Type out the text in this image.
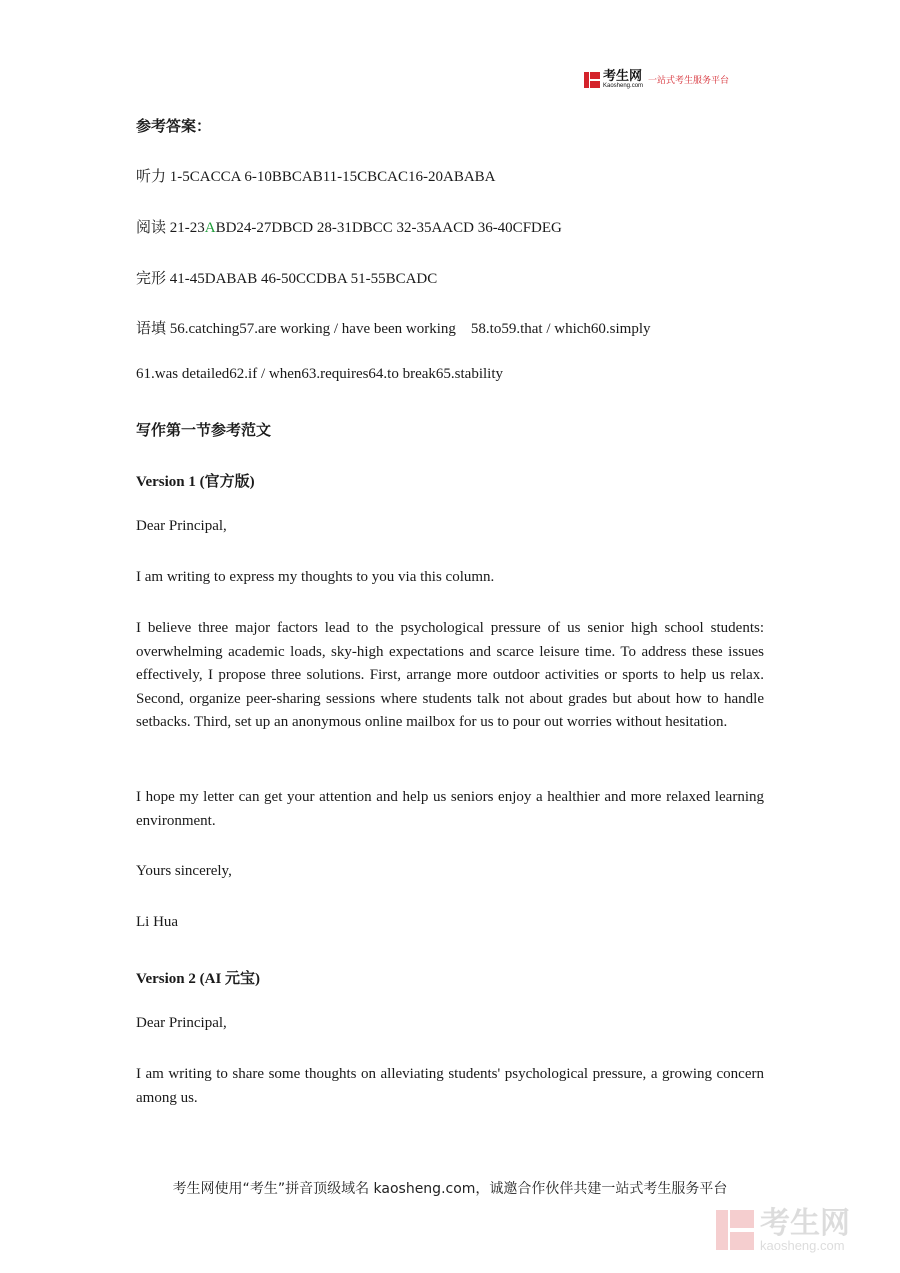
考生网
Kaosheng.com 一站式考生服务平台
参考答案：
听力 1-5CACCA 6-10BBCAB11-15CBCAC16-20ABABA
阅读 21-23ABD24-27DBCD 28-31DBCC 32-35AACD 36-40CFDEG
完形 41-45DABAB 46-50CCDBA 51-55BCADC
语填 56.catching57.are working / have been working    58.to59.that / which60.simply
61.was detailed62.if / when63.requires64.to break65.stability
写作第一节参考范文
Version 1 (官方版)
Dear Principal,
I am writing to express my thoughts to you via this column.
I believe three major factors lead to the psychological pressure of us senior high school students: overwhelming academic loads, sky-high expectations and scarce leisure time. To address these issues effectively, I propose three solutions. First, arrange more outdoor activities or sports to help us relax. Second, organize peer-sharing sessions where students talk not about grades but about how to handle setbacks. Third, set up an anonymous online mailbox for us to pour out worries without hesitation.
I hope my letter can get your attention and help us seniors enjoy a healthier and more relaxed learning environment.
Yours sincerely,
Li Hua
Version 2 (AI 元宝)
Dear Principal,
I am writing to share some thoughts on alleviating students' psychological pressure, a growing concern among us.
考生网使用“考生”拼音顶级域名 kaosheng.com，诚邀合作伙伴共建一站式考生服务平台
考生网
kaosheng.com
